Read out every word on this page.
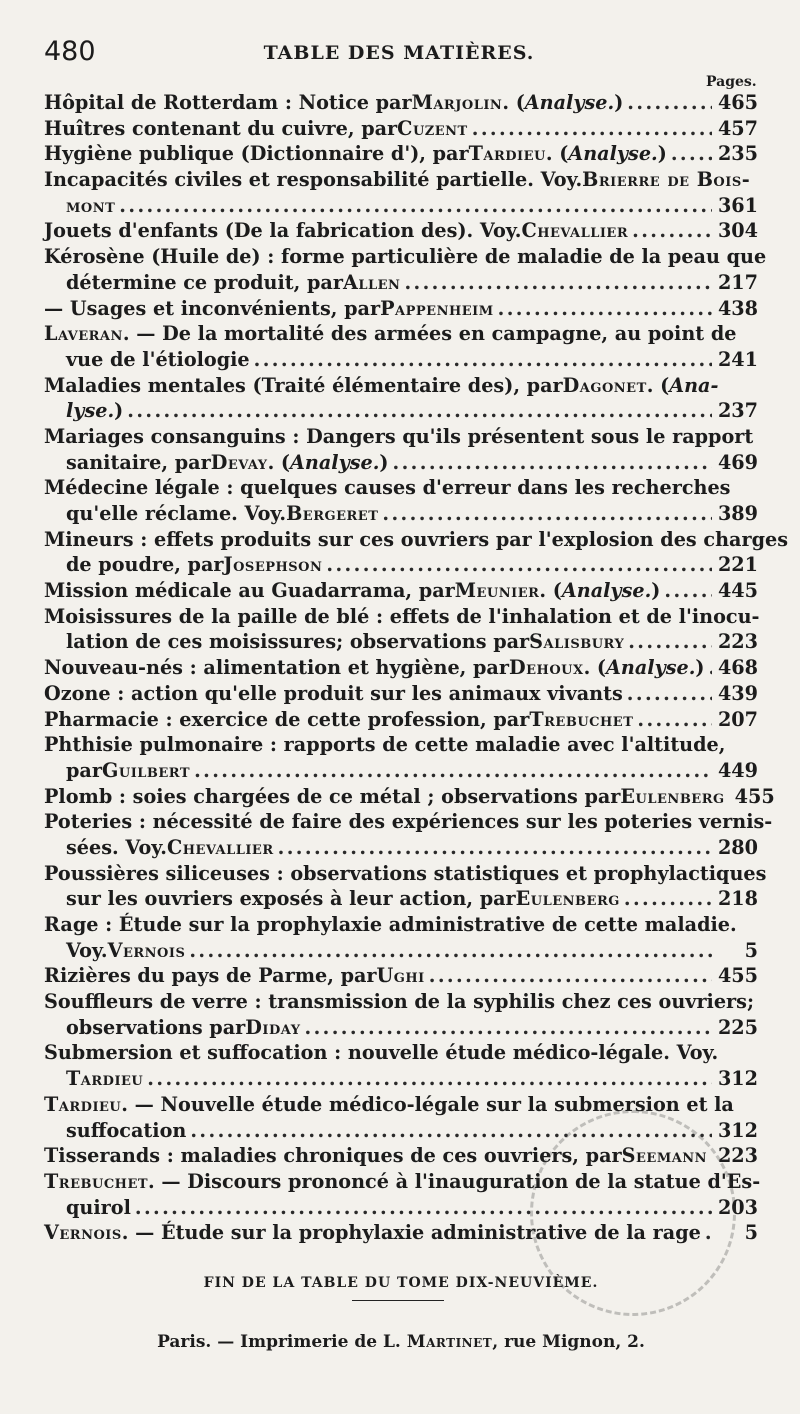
480	TABLE DES MATIÈRES.
Pages.
Hôpital de Rotterdam : Notice par Marjolin . ( Analyse. ) .....	465
Huîtres contenant du cuivre, par Cuzent .....	457
Hygiène publique (Dictionnaire d'), par Tardieu . ( Analyse. ) .....	235
Incapacités civiles et responsabilité partielle. Voy. Brierre de Bois-
mont .....	361
Jouets d'enfants (De la fabrication des). Voy. Chevallier .....	304
Kérosène (Huile de) : forme particulière de maladie de la peau que
détermine ce produit, par Allen .....	217
— Usages et inconvénients, par Pappenheim .....	438
Laveran . — De la mortalité des armées en campagne, au point de
vue de l'étiologie .....	241
Maladies mentales (Traité élémentaire des), par Dagonet . ( Ana-
lyse. ) .....	237
Mariages consanguins : Dangers qu'ils présentent sous le rapport
sanitaire, par Devay . ( Analyse. ) .....	469
Médecine légale : quelques causes d'erreur dans les recherches
qu'elle réclame. Voy. Bergeret .....	389
Mineurs : effets produits sur ces ouvriers par l'explosion des charges
de poudre, par Josephson .....	221
Mission médicale au Guadarrama, par Meunier . ( Analyse. ) .....	445
Moisissures de la paille de blé : effets de l'inhalation et de l'inocu-
lation de ces moisissures; observations par Salisbury .....	223
Nouveau-nés : alimentation et hygiène, par Dehoux . ( Analyse. ) ..... 468
Ozone : action qu'elle produit sur les animaux vivants .....	439
Pharmacie : exercice de cette profession, par Trebuchet .....	207
Phthisie pulmonaire : rapports de cette maladie avec l'altitude,
par Guilbert .....	449
Plomb : soies chargées de ce métal ; observations par Eulenberg 455
Poteries : nécessité de faire des expériences sur les poteries vernis-
sées. Voy. Chevallier .....	280
Poussières siliceuses : observations statistiques et prophylactiques
sur les ouvriers exposés à leur action, par Eulenberg .....	218
Rage : Étude sur la prophylaxie administrative de cette maladie.
Voy. Vernois .....	5
Rizières du pays de Parme, par Ughi .....	455
Souffleurs de verre : transmission de la syphilis chez ces ouvriers;
observations par Diday .....	225
Submersion et suffocation : nouvelle étude médico-légale. Voy.
Tardieu .....	312
Tardieu . — Nouvelle étude médico-légale sur la submersion et la
suffocation .....	312
Tisserands : maladies chroniques de ces ouvriers, par Seemann ..... 223
Trebuchet . — Discours prononcé à l'inauguration de la statue d'Es-
quirol .....	203
Vernois . — Étude sur la prophylaxie administrative de la rage .....	5
FIN DE LA TABLE DU TOME DIX-NEUVIÈME.
Paris. — Imprimerie de L. Martinet, rue Mignon, 2.
